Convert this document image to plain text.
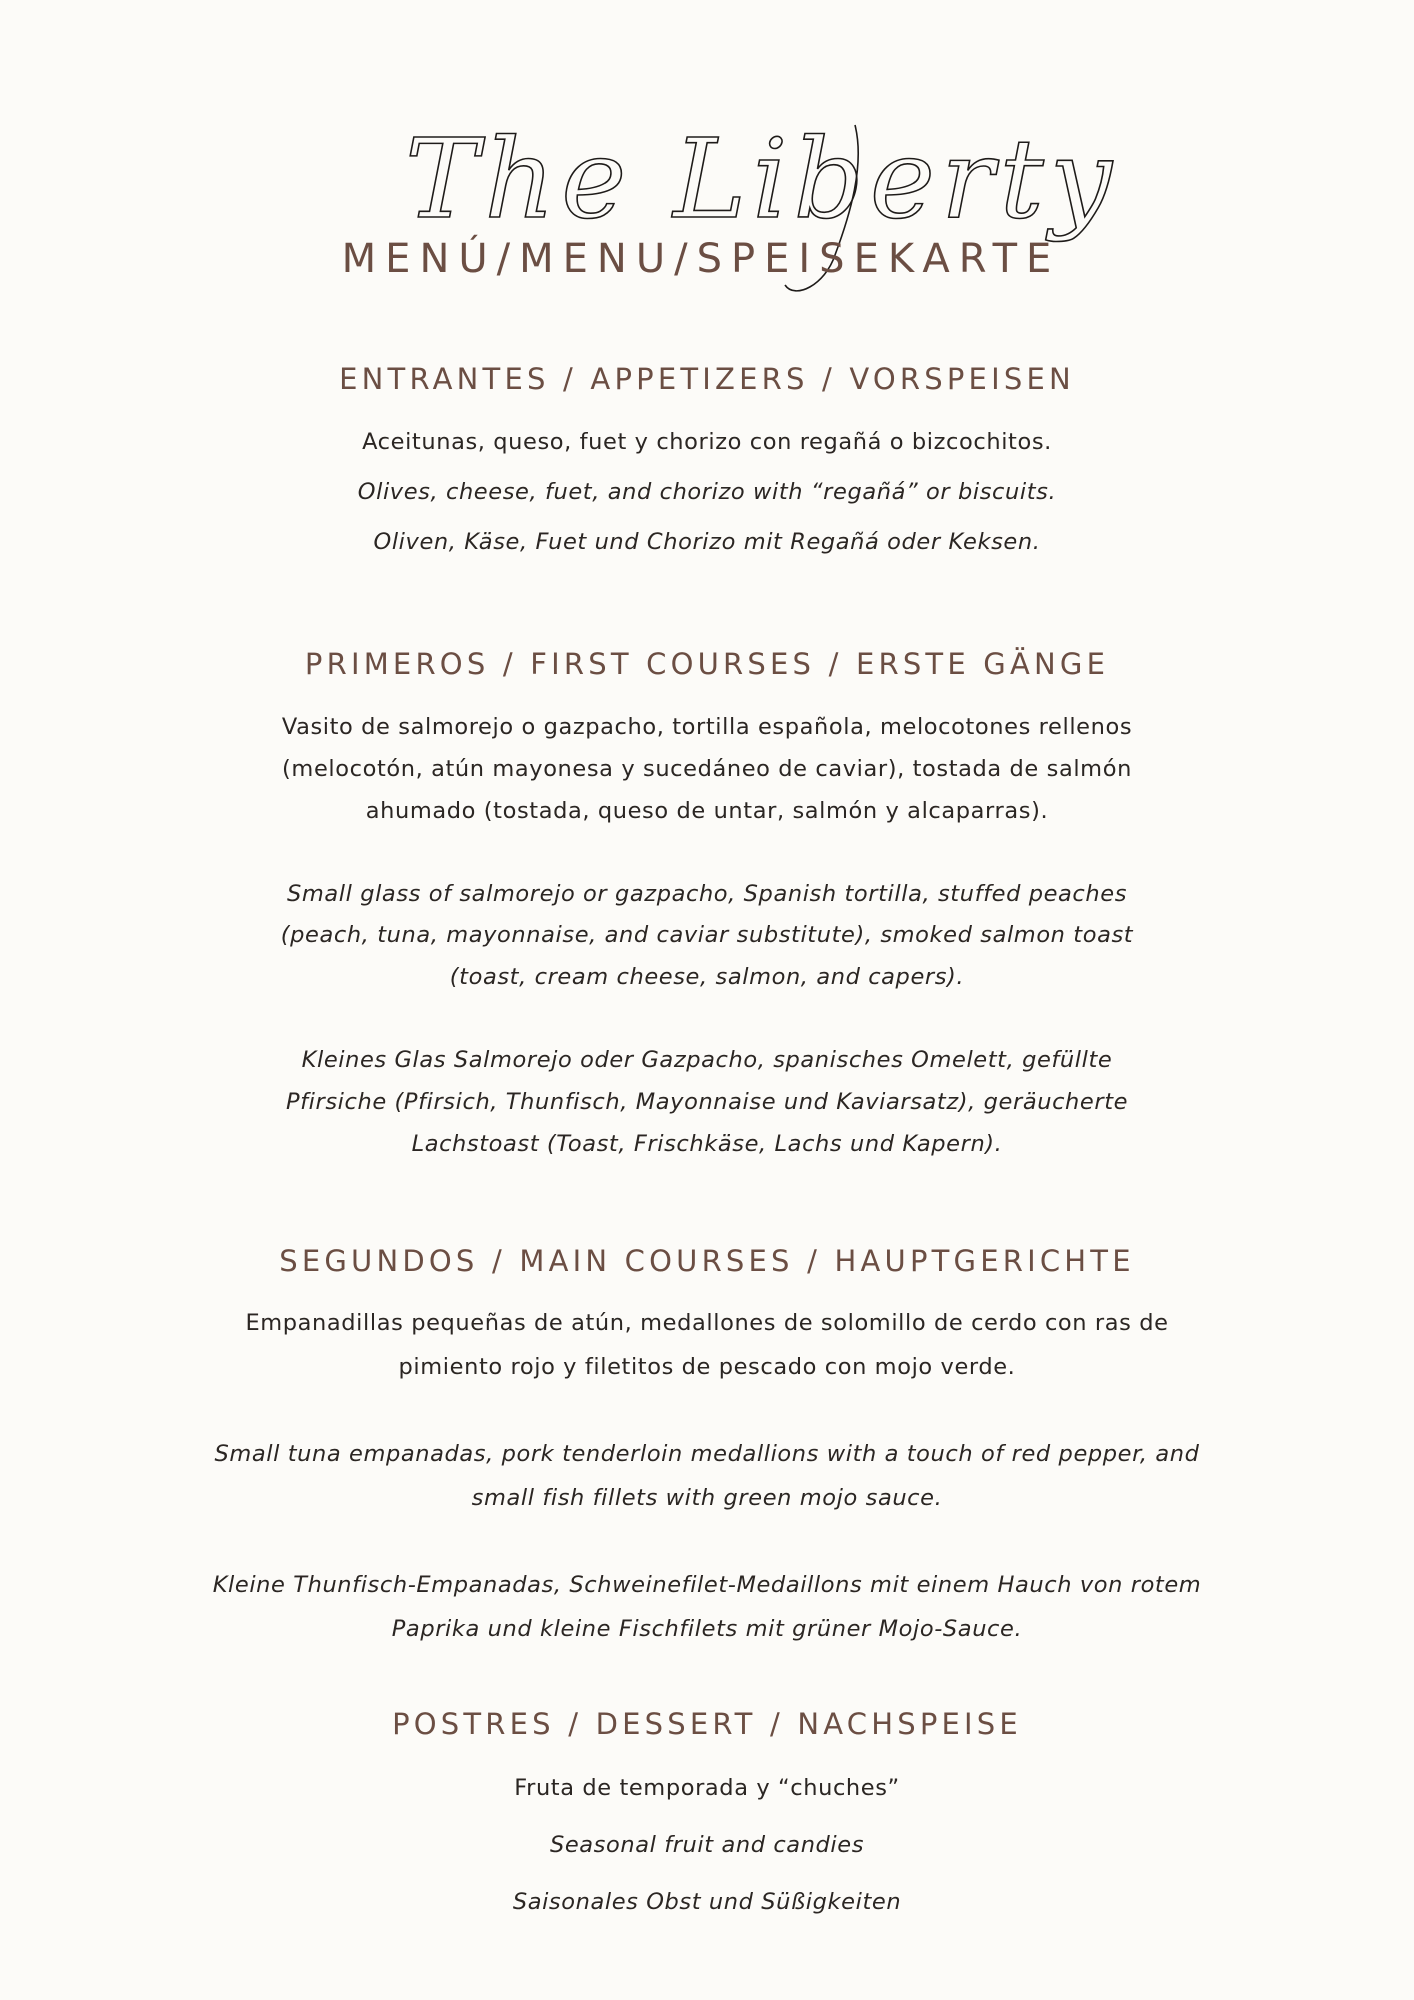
The Liberty
MENÚ/MENU/SPEISEKARTE
ENTRANTES / APPETIZERS / VORSPEISEN
Aceitunas, queso, fuet y chorizo con regañá o bizcochitos.
Olives, cheese, fuet, and chorizo with “regañá” or biscuits.
Oliven, Käse, Fuet und Chorizo mit Regañá oder Keksen.
PRIMEROS / FIRST COURSES / ERSTE GÄNGE
Vasito de salmorejo o gazpacho, tortilla española, melocotones rellenos
(melocotón, atún mayonesa y sucedáneo de caviar), tostada de salmón
ahumado (tostada, queso de untar, salmón y alcaparras).
Small glass of salmorejo or gazpacho, Spanish tortilla, stuffed peaches
(peach, tuna, mayonnaise, and caviar substitute), smoked salmon toast
(toast, cream cheese, salmon, and capers).
Kleines Glas Salmorejo oder Gazpacho, spanisches Omelett, gefüllte
Pfirsiche (Pfirsich, Thunfisch, Mayonnaise und Kaviarsatz), geräucherte
Lachstoast (Toast, Frischkäse, Lachs und Kapern).
SEGUNDOS / MAIN COURSES / HAUPTGERICHTE
Empanadillas pequeñas de atún, medallones de solomillo de cerdo con ras de
pimiento rojo y filetitos de pescado con mojo verde.
Small tuna empanadas, pork tenderloin medallions with a touch of red pepper, and
small fish fillets with green mojo sauce.
Kleine Thunfisch-Empanadas, Schweinefilet-Medaillons mit einem Hauch von rotem
Paprika und kleine Fischfilets mit grüner Mojo-Sauce.
POSTRES / DESSERT / NACHSPEISE
Fruta de temporada y “chuches”
Seasonal fruit and candies
Saisonales Obst und Süßigkeiten
